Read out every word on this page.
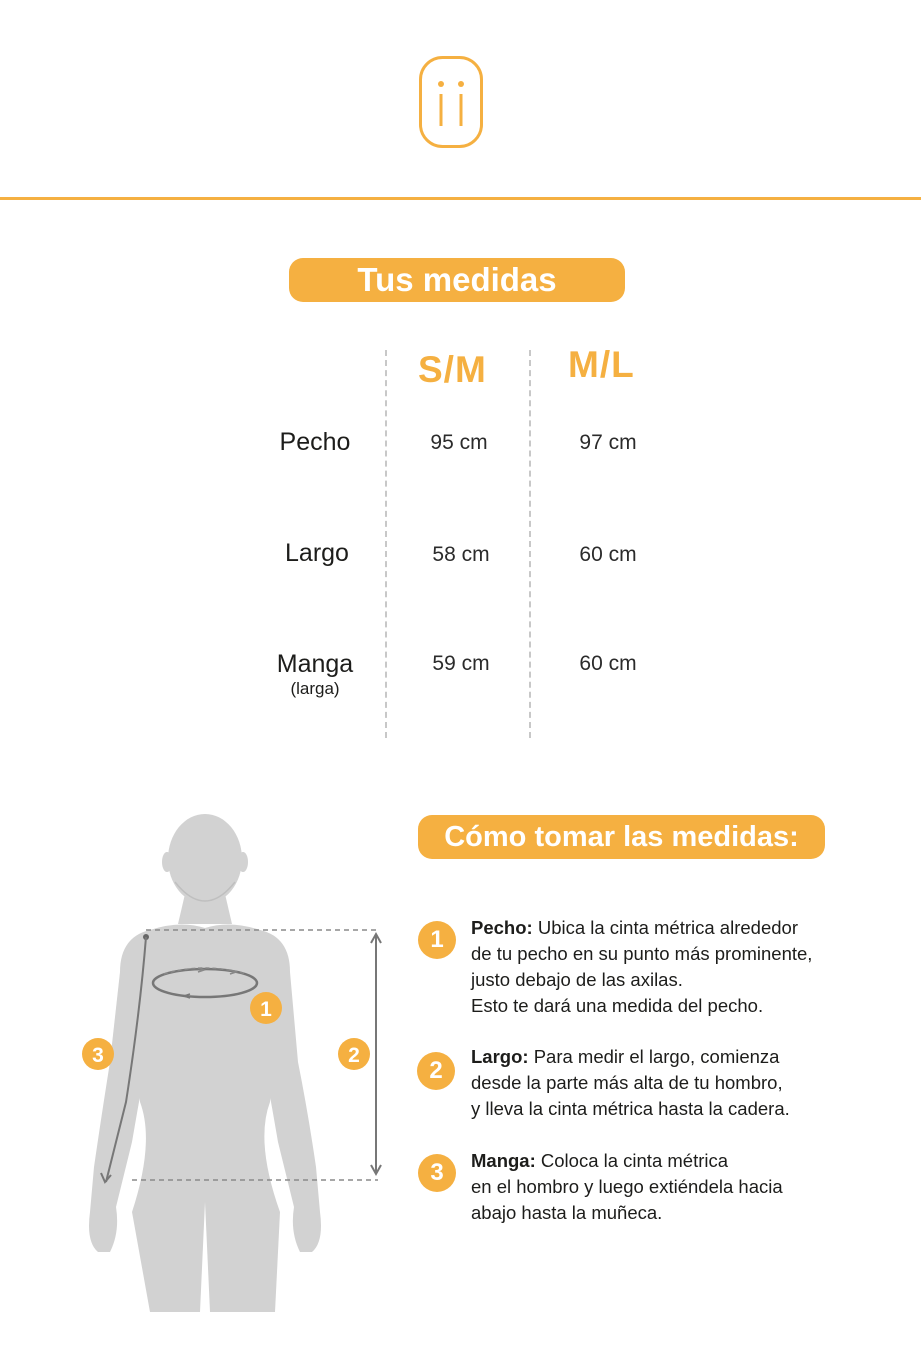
Tus medidas
S/M M/L
Pecho	95 cm	97 cm
Largo	58 cm	60 cm
Manga
(larga)
59 cm	60 cm
1
2
3
Cómo tomar las medidas:
1	Pecho: Ubica la cinta métrica alrededor
de tu pecho en su punto más prominente,
justo debajo de las axilas.
Esto te dará una medida del pecho.
2
Largo: Para medir el largo, comienza
desde la parte más alta de tu hombro,
y lleva la cinta métrica hasta la cadera.
3	Manga: Coloca la cinta métrica
en el hombro y luego extiéndela hacia
abajo hasta la muñeca.
